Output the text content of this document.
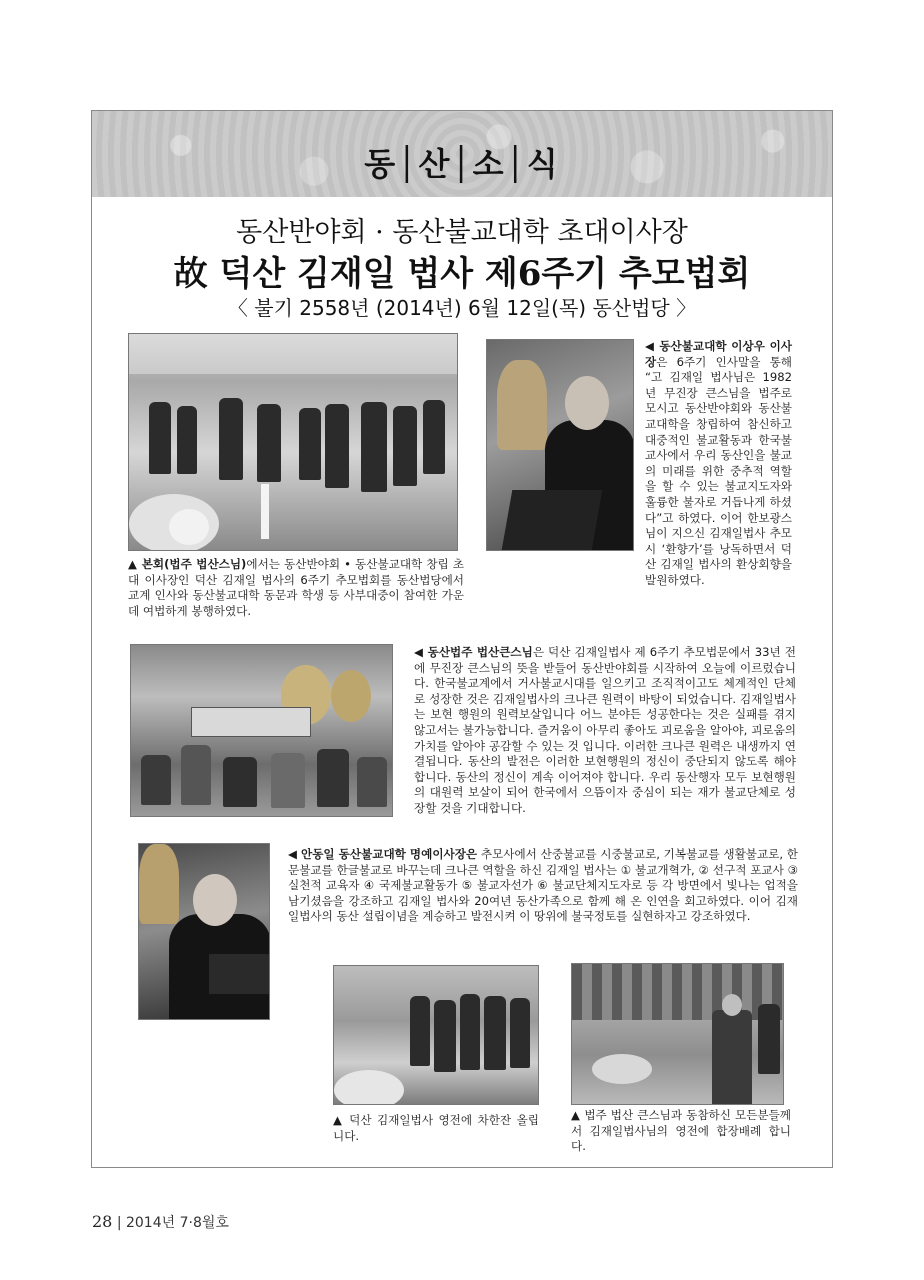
동│산│소│식
동산반야회 · 동산불교대학 초대이사장
故 덕산 김재일 법사 제6주기 추모법회
〈 불기 2558년 (2014년) 6월 12일(목) 동산법당 〉

▲ 본회(법주 법산스님)에서는 동산반야회 • 동산불교대학 창립 초대 이사장인 덕산 김재일 법사의 6주기 추모법회를 동산법당에서 교계 인사와 동산불교대학 동문과 학생 등 사부대중이 참여한 가운데 여법하게 봉행하였다.

◀ 동산불교대학 이상우 이사장은 6주기 인사말을 통해 “고 김재일 법사님은 1982년 무진장 큰스님을 법주로 모시고 동산반야회와 동산불교대학을 창립하여 참신하고 대중적인 불교활동과 한국불교사에서 우리 동산인을 불교의 미래를 위한 중추적 역할을 할 수 있는 불교지도자와 훌륭한 불자로 거듭나게 하셨다”고 하였다. 이어 한보광스님이 지으신 김재일법사 추모시 ‘환향가’를 낭독하면서 덕산 김재일 법사의 환상회향을 발원하였다.

◀ 동산법주 법산큰스님은 덕산 김재일법사 제 6주기 추모법문에서 33년 전에 무진장 큰스님의 뜻을 받들어 동산반야회를 시작하여 오늘에 이르렀습니다. 한국불교계에서 거사불교시대를 일으키고 조직적이고도 체계적인 단체로 성장한 것은 김재일법사의 크나큰 원력이 바탕이 되었습니다. 김재일법사는 보현 행원의 원력보살입니다 어느 분야든 성공한다는 것은 실패를 겪지 않고서는 불가능합니다. 즐거움이 아무리 좋아도 괴로움을 알아야, 괴로움의 가치를 알아야 공감할 수 있는 것 입니다. 이러한 크나큰 원력은 내생까지 연결됩니다. 동산의 발전은 이러한 보현행원의 정신이 중단되지 않도록 해야 합니다. 동산의 정신이 계속 이어져야 합니다. 우리 동산행자 모두 보현행원의 대원력 보살이 되어 한국에서 으뜸이자 중심이 되는 재가 불교단체로 성장할 것을 기대합니다.

◀ 안동일 동산불교대학 명예이사장은 추모사에서 산중불교를 시중불교로, 기복불교를 생활불교로, 한문불교를 한글불교로 바꾸는데 크나큰 역할을 하신 김재일 법사는 ① 불교개혁가, ② 선구적 포교사 ③ 실천적 교육자 ④ 국제불교활동가 ⑤ 불교자선가 ⑥ 불교단체지도자로 등 각 방면에서 빛나는 업적을 남기셨음을 강조하고 김재일 법사와 20여년 동산가족으로 함께 해 온 인연을 회고하였다. 이어 김재일법사의 동산 설립이념을 계승하고 발전시켜 이 땅위에 불국정토를 실현하자고 강조하였다.

▲ 덕산 김재일법사 영전에 차한잔 올립니다.

▲ 법주 법산 큰스님과 동참하신 모든분들께서 김재일법사님의 영전에 합장배례 합니다.

28 | 2014년 7·8월호
